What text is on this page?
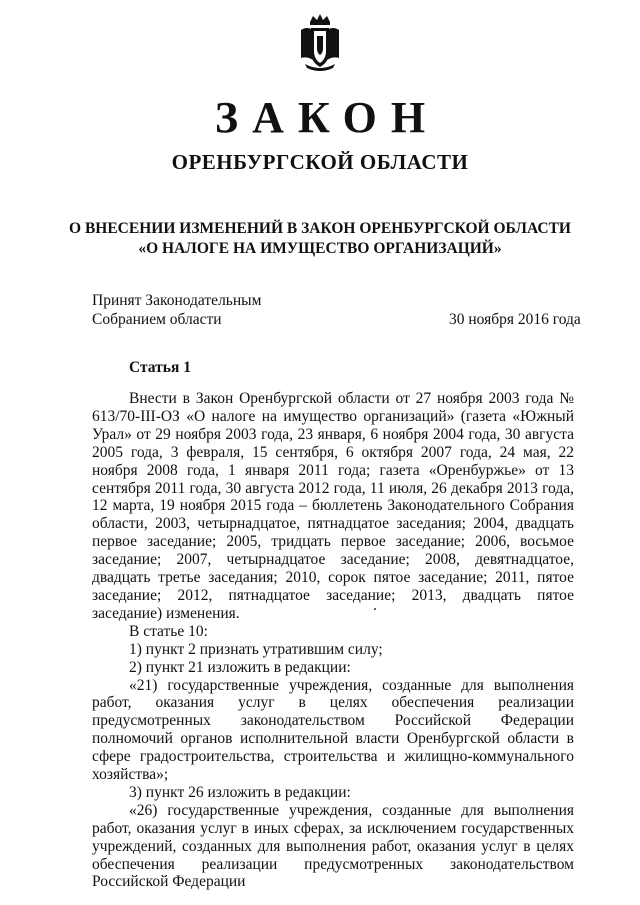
ЗАКОН
ОРЕНБУРГСКОЙ ОБЛАСТИ
О ВНЕСЕНИИ ИЗМЕНЕНИЙ В ЗАКОН ОРЕНБУРГСКОЙ ОБЛАСТИ
«О НАЛОГЕ НА ИМУЩЕСТВО ОРГАНИЗАЦИЙ»
Принят Законодательным
Собранием области	30 ноября 2016 года
Статья 1

Внести в Закон Оренбургской области от 27 ноября 2003 года № 613/70-III-ОЗ «О налоге на имущество организаций» (газета «Южный Урал» от 29 ноября 2003 года, 23 января, 6 ноября 2004 года, 30 августа 2005 года, 3 февраля, 15 сентября, 6 октября 2007 года, 24 мая, 22 ноября 2008 года, 1 января 2011 года; газета «Оренбуржье» от 13 сентября 2011 года, 30 августа 2012 года, 11 июля, 26 декабря 2013 года, 12 марта, 19 ноября 2015 года – бюллетень Законодательного Собрания области, 2003, четырнадцатое, пятнадцатое заседания; 2004, двадцать первое заседание; 2005, тридцать первое заседание; 2006, восьмое заседание; 2007, четырнадцатое заседание; 2008, девятнадцатое, двадцать третье заседания; 2010, сорок пятое заседание; 2011, пятое заседание; 2012, пятнадцатое заседание; 2013, двадцать пятое заседание) изменения.

В статье 10:

1) пункт 2 признать утратившим силу;

2) пункт 21 изложить в редакции:

«21) государственные учреждения, созданные для выполнения работ, оказания услуг в целях обеспечения реализации предусмотренных законодательством Российской Федерации полномочий органов исполнительной власти Оренбургской области в сфере градостроительства, строительства и жилищно-коммунального хозяйства»;

3) пункт 26 изложить в редакции:

«26) государственные учреждения, созданные для выполнения работ, оказания услуг в иных сферах, за исключением государственных учреждений, созданных для выполнения работ, оказания услуг в целях обеспечения реализации предусмотренных законодательством Российской Федерации
